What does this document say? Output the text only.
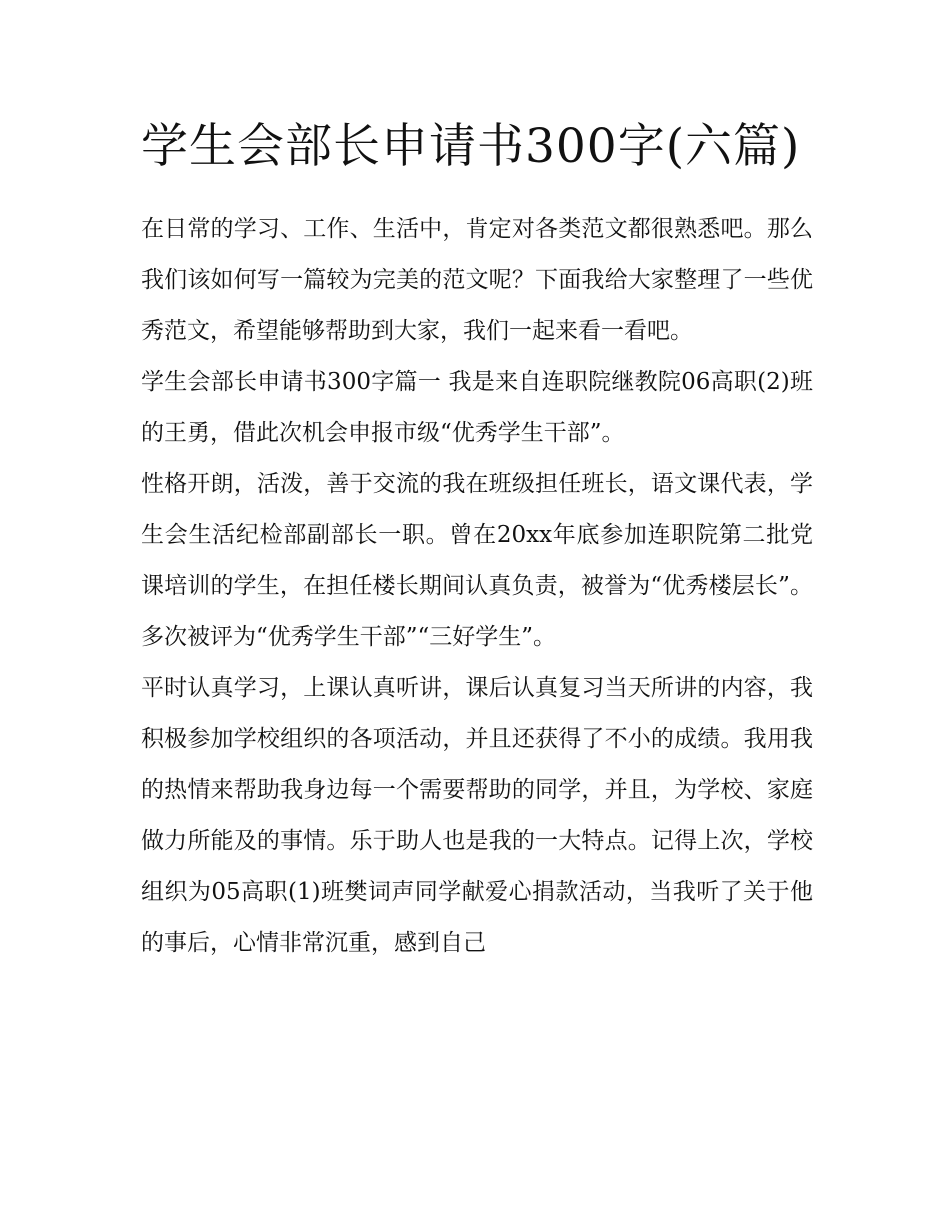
学生会部长申请书300字(六篇)

在日常的学习、工作、生活中，肯定对各类范文都很熟悉吧。那么我们该如何写一篇较为完美的范文呢？下面我给大家整理了一些优秀范文，希望能够帮助到大家，我们一起来看一看吧。

学生会部长申请书300字篇一 我是来自连职院继教院06高职(2)班的王勇，借此次机会申报市级“优秀学生干部”。

性格开朗，活泼，善于交流的我在班级担任班长，语文课代表，学生会生活纪检部副部长一职。曾在20xx年底参加连职院第二批党课培训的学生，在担任楼长期间认真负责，被誉为“优秀楼层长”。多次被评为“优秀学生干部”“三好学生”。

平时认真学习，上课认真听讲，课后认真复习当天所讲的内容，我积极参加学校组织的各项活动，并且还获得了不小的成绩。我用我的热情来帮助我身边每一个需要帮助的同学，并且，为学校、家庭做力所能及的事情。乐于助人也是我的一大特点。记得上次，学校组织为05高职(1)班樊词声同学献爱心捐款活动，当我听了关于他的事后，心情非常沉重，感到自己
